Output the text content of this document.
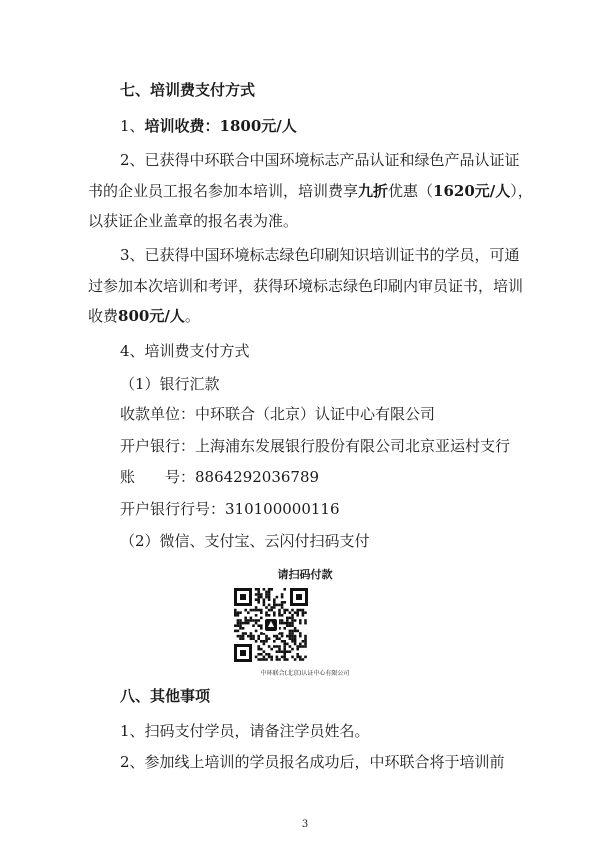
七、培训费支付方式
1、培训收费：1800元/人
2、已获得中环联合中国环境标志产品认证和绿色产品认证证
书的企业员工报名参加本培训，培训费享九折优惠（1620元/人），
以获证企业盖章的报名表为准。
3、已获得中国环境标志绿色印刷知识培训证书的学员，可通
过参加本次培训和考评，获得环境标志绿色印刷内审员证书，培训
收费800元/人。
4、培训费支付方式
（1）银行汇款
收款单位：中环联合（北京）认证中心有限公司
开户银行：上海浦东发展银行股份有限公司北京亚运村支行
账　　号：8864292036789
开户银行行号：310100000116
（2）微信、支付宝、云闪付扫码支付
请扫码付款
中环联合(北京)认证中心有限公司
八、其他事项
1、扫码支付学员，请备注学员姓名。
2、参加线上培训的学员报名成功后，中环联合将于培训前
3
